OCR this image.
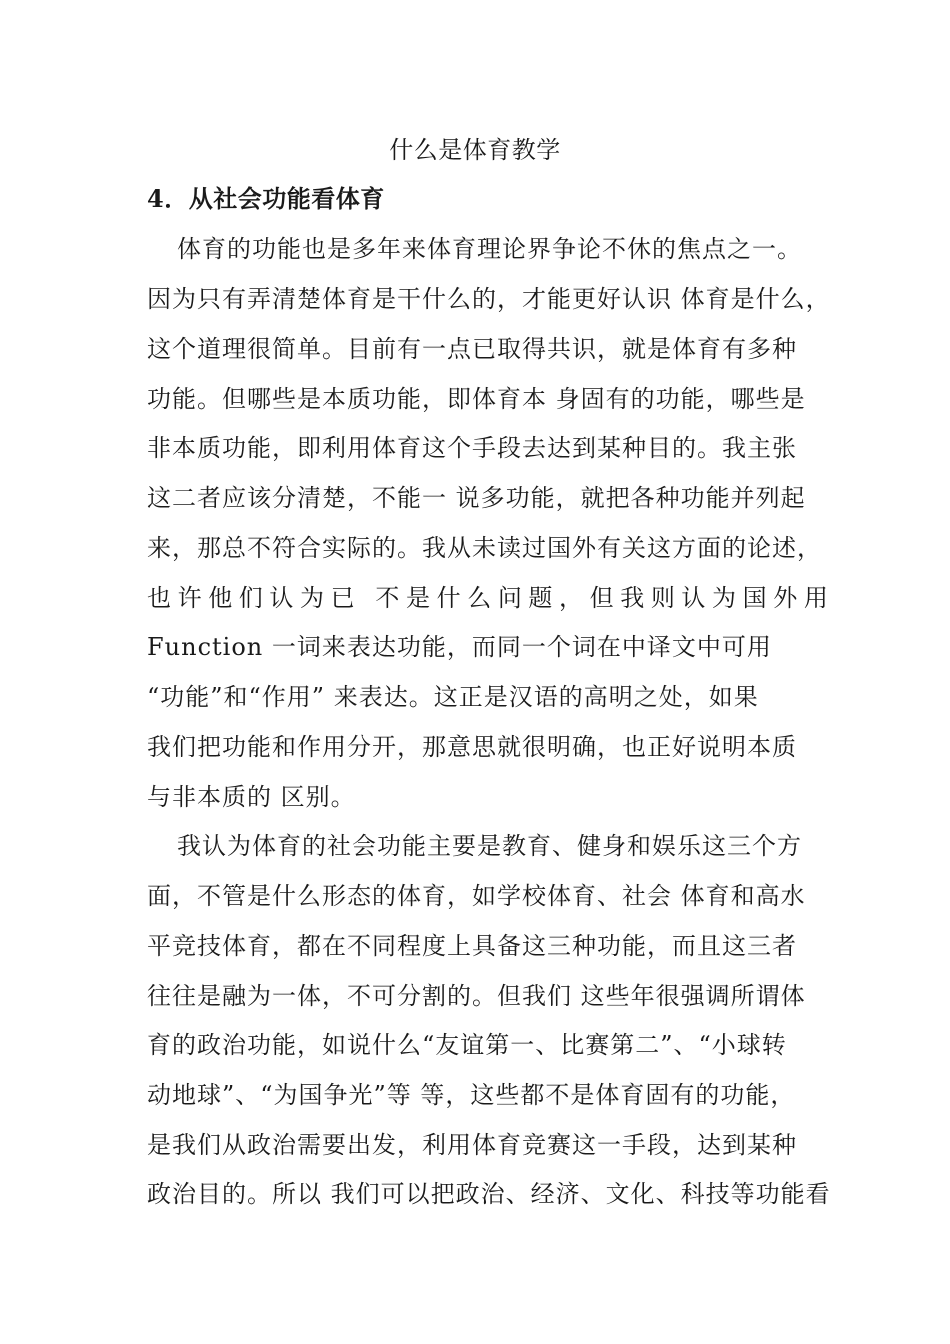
什么是体育教学
4．从社会功能看体育
体育的功能也是多年来体育理论界争论不休的焦点之一。
因为只有弄清楚体育是干什么的，才能更好认识 体育是什么，
这个道理很简单。目前有一点已取得共识，就是体育有多种
功能。但哪些是本质功能，即体育本 身固有的功能，哪些是
非本质功能，即利用体育这个手段去达到某种目的。我主张
这二者应该分清楚，不能一 说多功能，就把各种功能并列起
来，那总不符合实际的。我从未读过国外有关这方面的论述，
也许他们认为已 不是什么问题，但我则认为国外用
Function 一词来表达功能，而同一个词在中译文中可用
“功能”和“作用” 来表达。这正是汉语的高明之处，如果
我们把功能和作用分开，那意思就很明确，也正好说明本质
与非本质的 区别。
我认为体育的社会功能主要是教育、健身和娱乐这三个方
面，不管是什么形态的体育，如学校体育、社会 体育和高水
平竞技体育，都在不同程度上具备这三种功能，而且这三者
往往是融为一体，不可分割的。但我们 这些年很强调所谓体
育的政治功能，如说什么“友谊第一、比赛第二”、“小球转
动地球”、“为国争光”等 等，这些都不是体育固有的功能，
是我们从政治需要出发，利用体育竞赛这一手段，达到某种
政治目的。所以 我们可以把政治、经济、文化、科技等功能看
